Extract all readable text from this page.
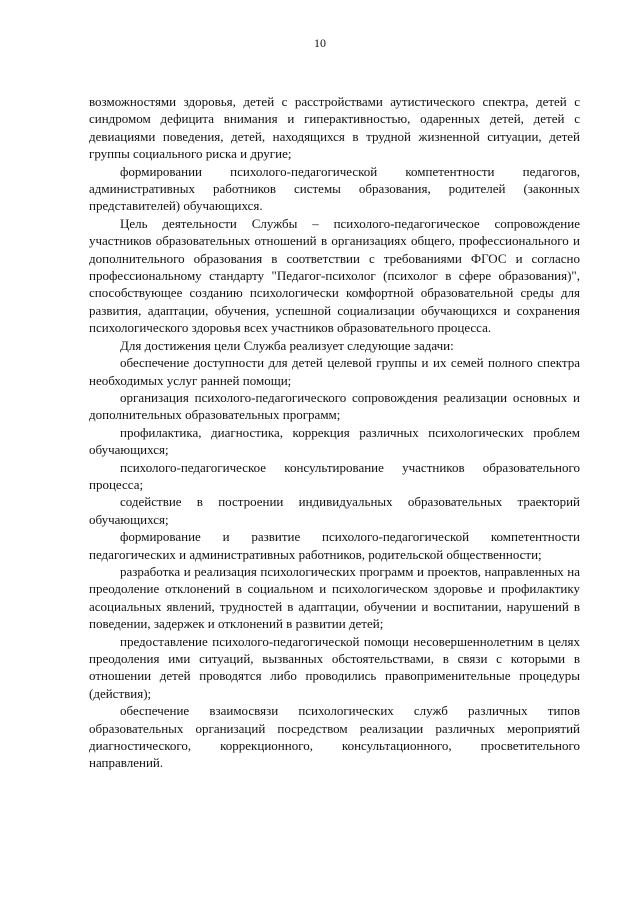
10

возможностями здоровья, детей с расстройствами аутистического спектра, детей с синдромом дефицита внимания и гиперактивностью, одаренных детей, детей с девиациями поведения, детей, находящихся в трудной жизненной ситуации, детей группы социального риска и другие;

формировании психолого-педагогической компетентности педагогов, административных работников системы образования, родителей (законных представителей) обучающихся.

Цель деятельности Службы – психолого-педагогическое сопровождение участников образовательных отношений в организациях общего, профессионального и дополнительного образования в соответствии с требованиями ФГОС и согласно профессиональному стандарту "Педагог-психолог (психолог в сфере образования)", способствующее созданию психологически комфортной образовательной среды для развития, адаптации, обучения, успешной социализации обучающихся и сохранения психологического здоровья всех участников образовательного процесса.

Для достижения цели Служба реализует следующие задачи:

обеспечение доступности для детей целевой группы и их семей полного спектра необходимых услуг ранней помощи;

организация психолого-педагогического сопровождения реализации основных и дополнительных образовательных программ;

профилактика, диагностика, коррекция различных психологических проблем обучающихся;

психолого-педагогическое консультирование участников образовательного процесса;

содействие в построении индивидуальных образовательных траекторий обучающихся;

формирование и развитие психолого-педагогической компетентности педагогических и административных работников, родительской общественности;

разработка и реализация психологических программ и проектов, направленных на преодоление отклонений в социальном и психологическом здоровье и профилактику асоциальных явлений, трудностей в адаптации, обучении и воспитании, нарушений в поведении, задержек и отклонений в развитии детей;

предоставление психолого-педагогической помощи несовершеннолетним в целях преодоления ими ситуаций, вызванных обстоятельствами, в связи с которыми в отношении детей проводятся либо проводились правоприменительные процедуры (действия);

обеспечение взаимосвязи психологических служб различных типов образовательных организаций посредством реализации различных мероприятий диагностического, коррекционного, консультационного, просветительного направлений.
